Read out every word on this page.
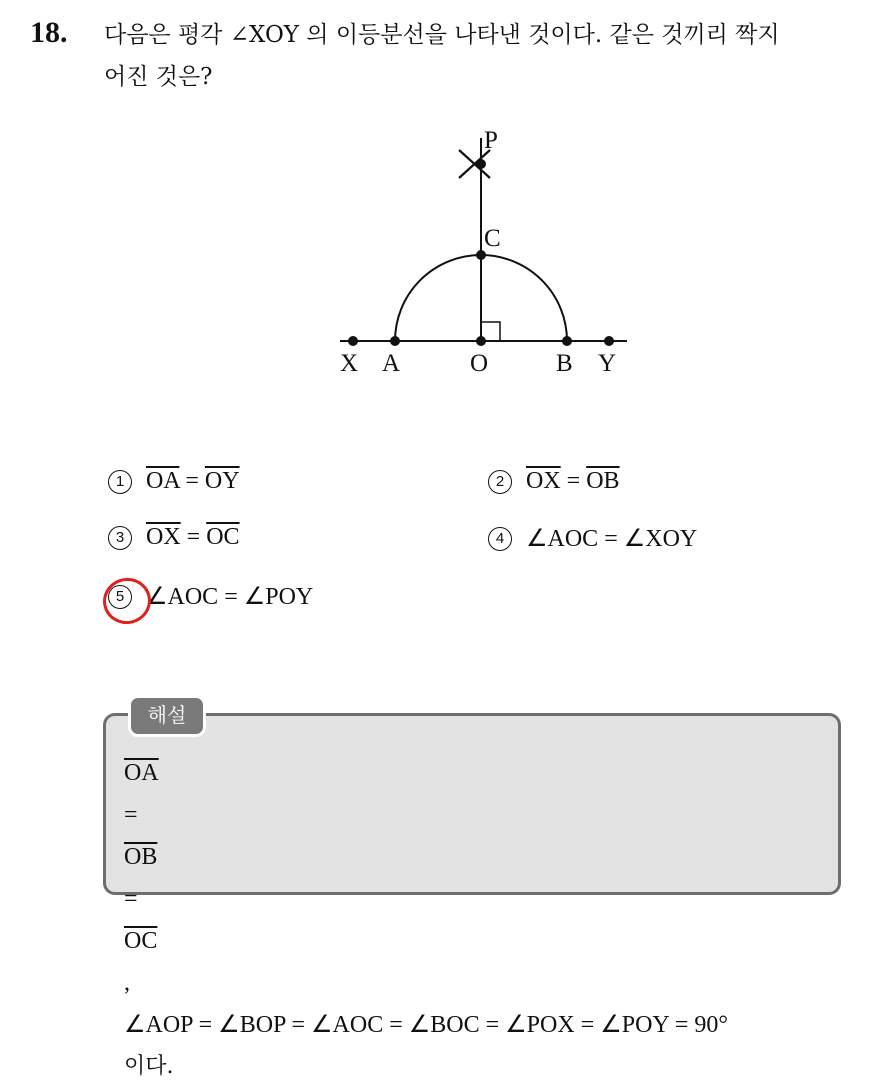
18. 다음은 평각 ∠XOY 의 이등분선을 나타낸 것이다. 같은 것끼리 짝지
어진 것은?
P
C
X A	O	B Y
1 $\overline{OA} = \overline{OY}$	2 $\overline{OX} = \overline{OB}$
3 $\overline{OX} = \overline{OC}$	4 ∠AOC = ∠XOY
5 ∠AOC = ∠POY
해설
$\overline{OA}$
=
$\overline{OB}$
=
$\overline{OC}$
,
∠AOP = ∠BOP = ∠AOC = ∠BOC = ∠POX = ∠POY = 90°
이다.
